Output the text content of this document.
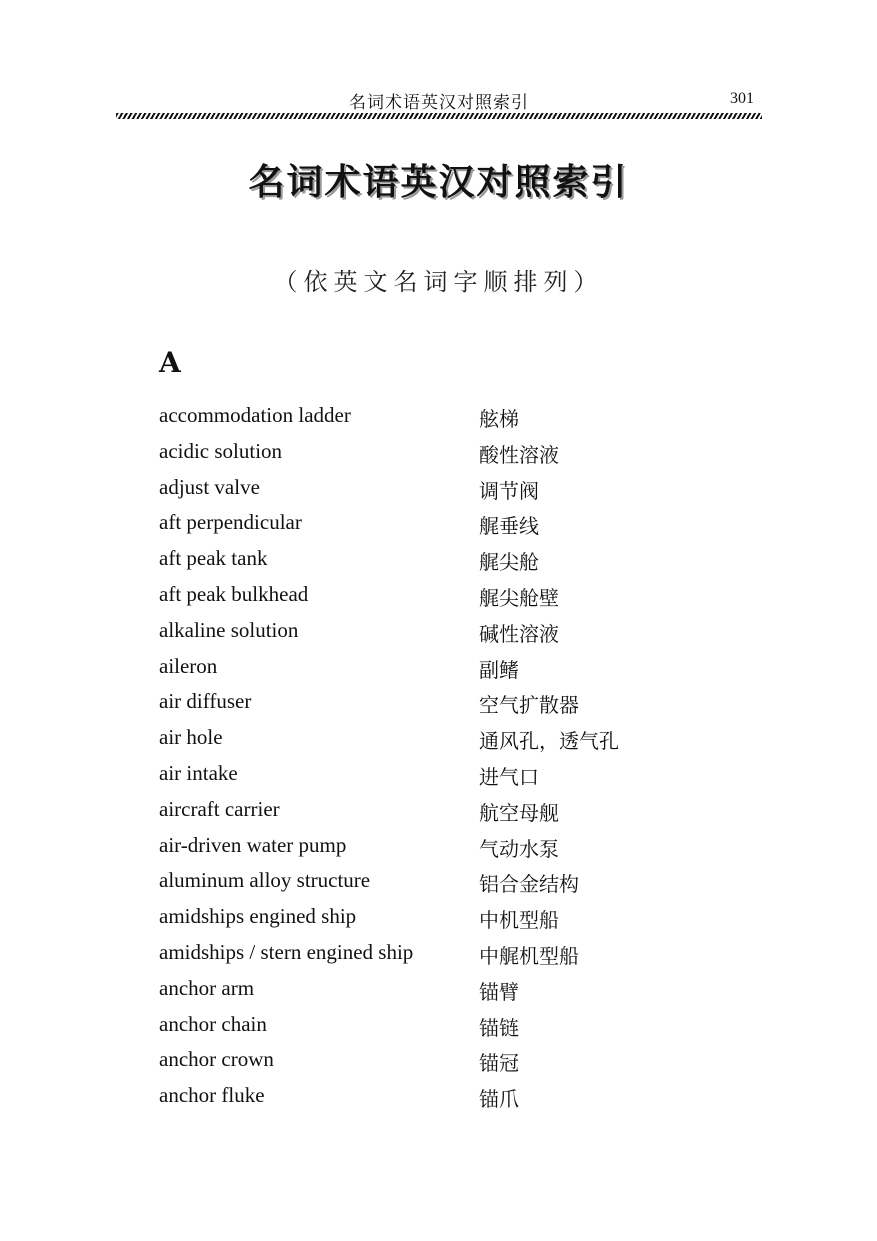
名词术语英汉对照索引	301
名词术语英汉对照索引
（依英文名词字顺排列）
A
accommodation ladder	舷梯
acidic solution	酸性溶液
adjust valve	调节阀
aft perpendicular	艉垂线
aft peak tank	艉尖舱
aft peak bulkhead	艉尖舱壁
alkaline solution	碱性溶液
aileron	副鳍
air diffuser	空气扩散器
air hole	通风孔，透气孔
air intake	进气口
aircraft carrier	航空母舰
air-driven water pump	气动水泵
aluminum alloy structure	铝合金结构
amidships engined ship	中机型船
amidships / stern engined ship	中艉机型船
anchor arm	锚臂
anchor chain	锚链
anchor crown	锚冠
anchor fluke	锚爪
